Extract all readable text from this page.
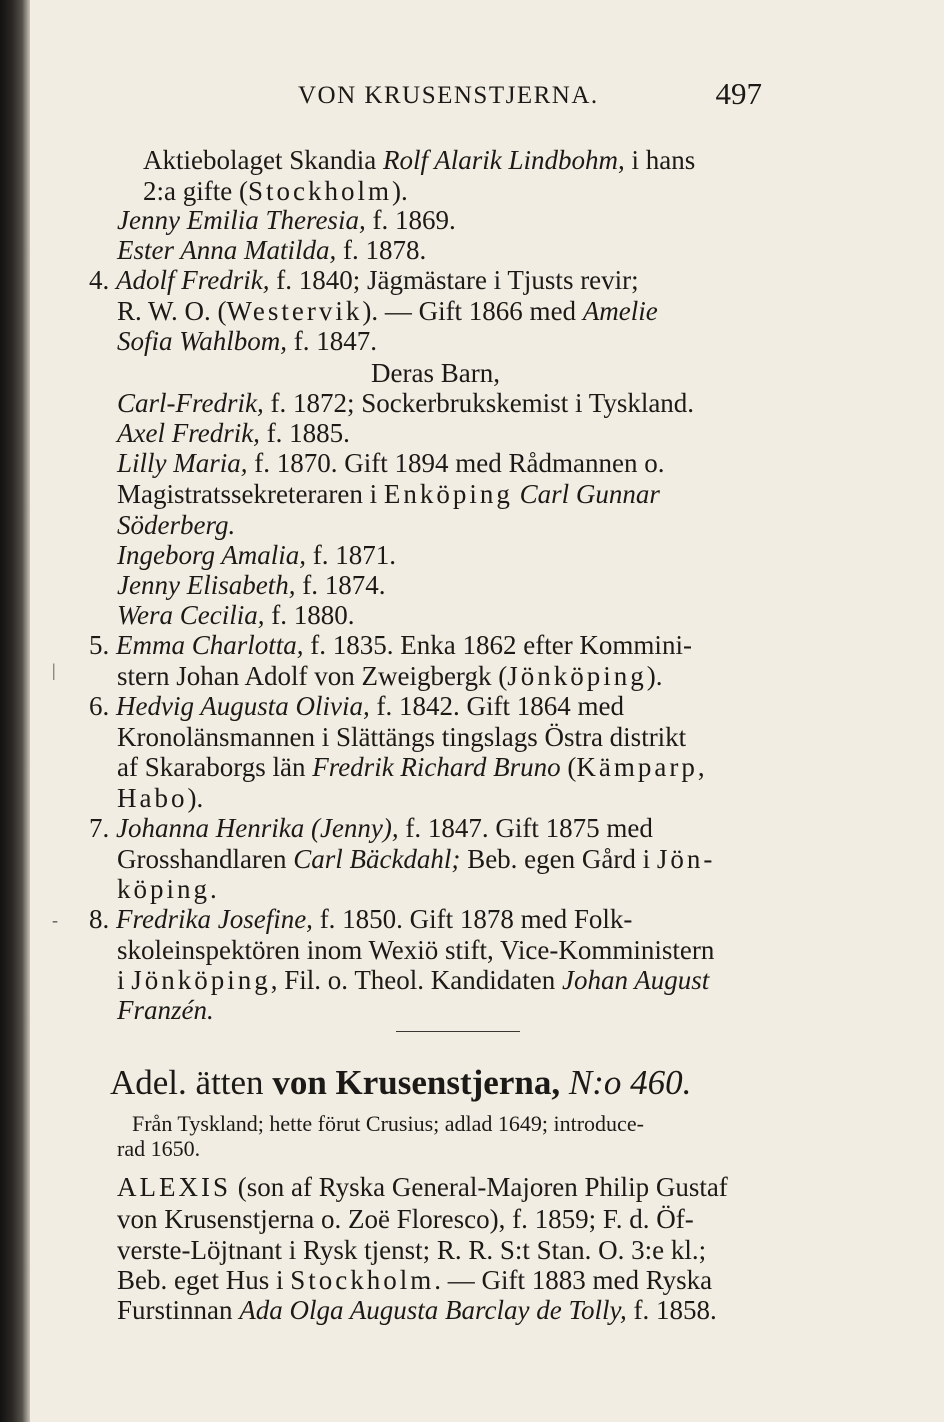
VON KRUSENSTJERNA.	497
Aktiebolaget Skandia Rolf Alarik Lindbohm, i hans
2:a gifte (Stockholm).
Jenny Emilia Theresia, f. 1869.
Ester Anna Matilda, f. 1878.
4. Adolf Fredrik, f. 1840; Jägmästare i Tjusts revir;
R. W. O. (Westervik). — Gift 1866 med Amelie
Sofia Wahlbom, f. 1847.
Deras Barn,
Carl-Fredrik, f. 1872; Sockerbrukskemist i Tyskland.
Axel Fredrik, f. 1885.
Lilly Maria, f. 1870. Gift 1894 med Rådmannen o.
Magistratssekreteraren i Enköping Carl Gunnar
Söderberg.
Ingeborg Amalia, f. 1871.
Jenny Elisabeth, f. 1874.
Wera Cecilia, f. 1880.
5. Emma Charlotta, f. 1835. Enka 1862 efter Kommini-
stern Johan Adolf von Zweigbergk (Jönköping).
6. Hedvig Augusta Olivia, f. 1842. Gift 1864 med
Kronolänsmannen i Slättängs tingslags Östra distrikt
af Skaraborgs län Fredrik Richard Bruno (Kämparp,
Habo).
7. Johanna Henrika (Jenny), f. 1847. Gift 1875 med
Grosshandlaren Carl Bäckdahl; Beb. egen Gård i Jön-
köping.
8. Fredrika Josefine, f. 1850. Gift 1878 med Folk-
skoleinspektören inom Wexiö stift, Vice-Komministern
i Jönköping, Fil. o. Theol. Kandidaten Johan August
Franzén.
Adel. ätten von Krusenstjerna, N:o 460.
Från Tyskland; hette förut Crusius; adlad 1649; introduce-
rad 1650.
ALEXIS (son af Ryska General-Majoren Philip Gustaf
von Krusenstjerna o. Zoë Floresco), f. 1859; F. d. Öf-
verste-Löjtnant i Rysk tjenst; R. R. S:t Stan. O. 3:e kl.;
Beb. eget Hus i Stockholm. — Gift 1883 med Ryska
Furstinnan Ada Olga Augusta Barclay de Tolly, f. 1858.
|
-
